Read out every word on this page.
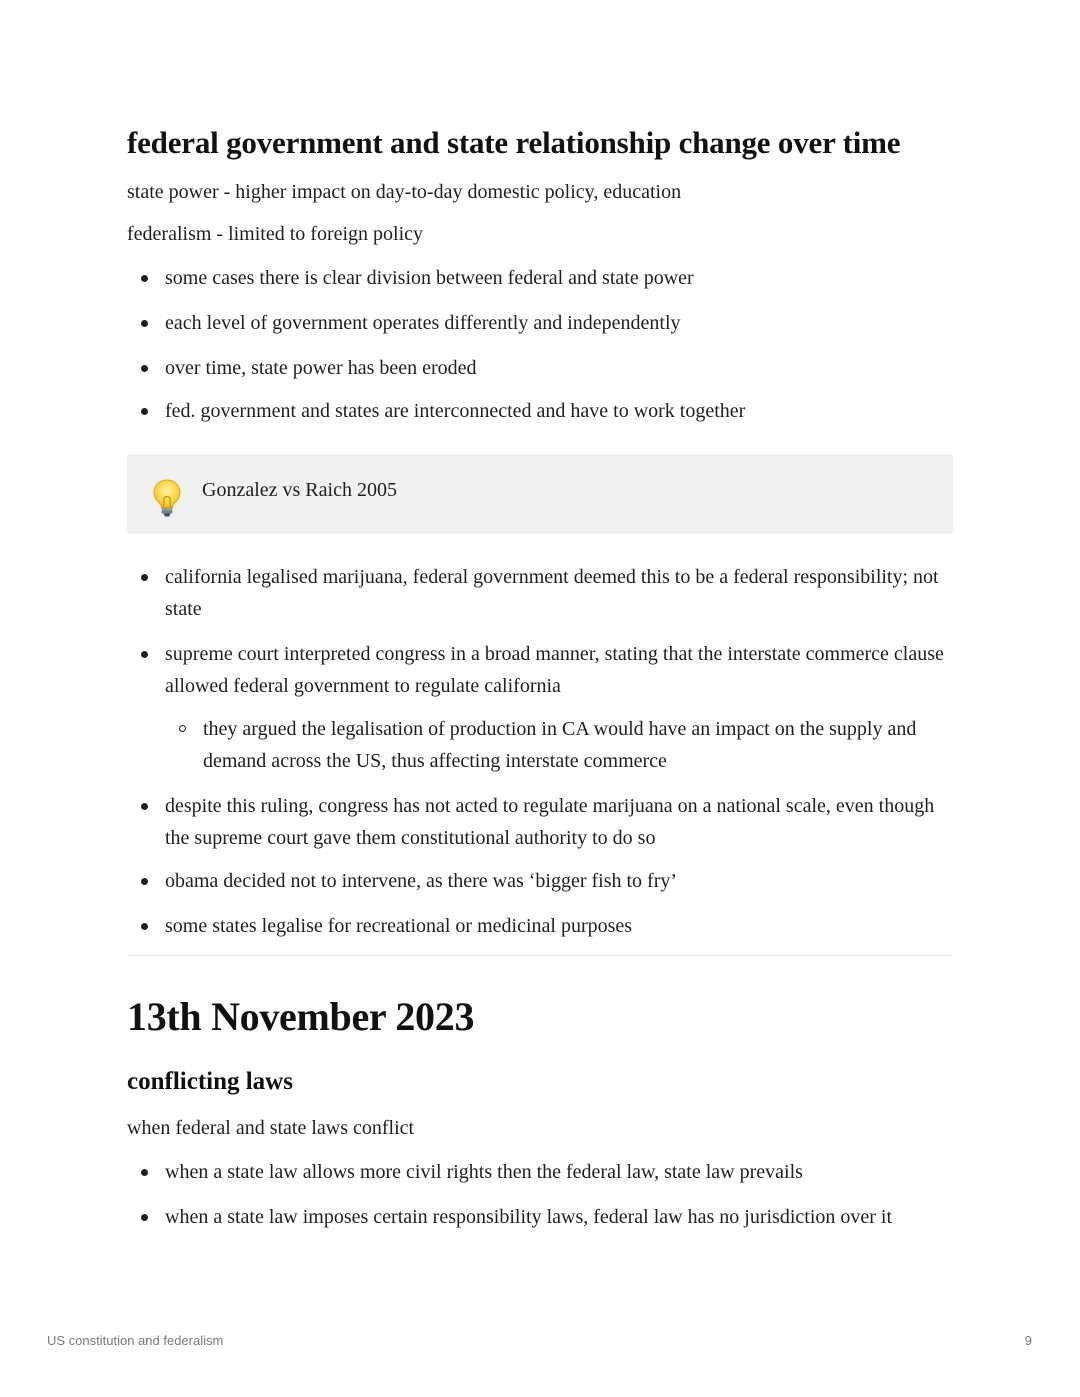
federal government and state relationship change over time

state power - higher impact on day-to-day domestic policy, education

federalism - limited to foreign policy

some cases there is clear division between federal and state power
each level of government operates differently and independently
over time, state power has been eroded
fed. government and states are interconnected and have to work together
Gonzalez vs Raich 2005
california legalised marijuana, federal government deemed this to be a federal responsibility; not state
supreme court interpreted congress in a broad manner, stating that the interstate commerce clause allowed federal government to regulate california
they argued the legalisation of production in CA would have an impact on the supply and demand across the US, thus affecting interstate commerce
despite this ruling, congress has not acted to regulate marijuana on a national scale, even though the supreme court gave them constitutional authority to do so
obama decided not to intervene, as there was ‘bigger fish to fry’
some states legalise for recreational or medicinal purposes
13th November 2023
conflicting laws

when federal and state laws conflict

when a state law allows more civil rights then the federal law, state law prevails
when a state law imposes certain responsibility laws, federal law has no jurisdiction over it
US constitution and federalism	9
